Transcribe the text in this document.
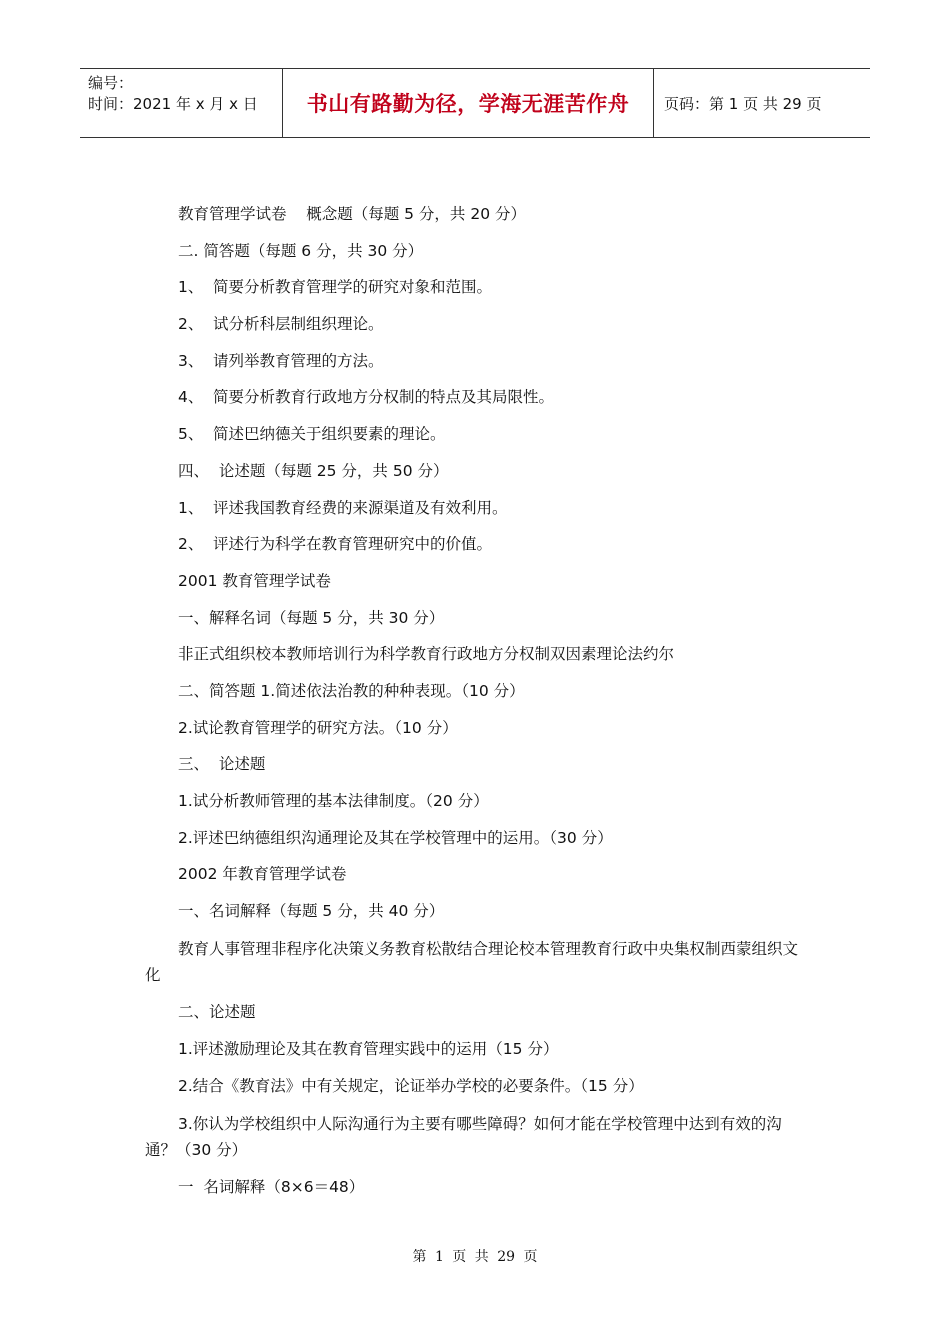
编号：
时间：2021 年 x 月 x 日	书山有路勤为径，学海无涯苦作舟	页码：第 1 页 共 29 页
教育管理学试卷    概念题（每题 5 分，共 20 分）
二. 简答题（每题 6 分，共 30 分）
1、 简要分析教育管理学的研究对象和范围。
2、 试分析科层制组织理论。
3、 请列举教育管理的方法。
4、 简要分析教育行政地方分权制的特点及其局限性。
5、 简述巴纳德关于组织要素的理论。
四、  论述题（每题 25 分，共 50 分）
1、 评述我国教育经费的来源渠道及有效利用。
2、 评述行为科学在教育管理研究中的价值。
2001 教育管理学试卷
一、解释名词（每题 5 分，共 30 分）
非正式组织校本教师培训行为科学教育行政地方分权制双因素理论法约尔
二、简答题 1.简述依法治教的种种表现。（10 分）
2.试论教育管理学的研究方法。（10 分）
三、  论述题
1.试分析教师管理的基本法律制度。（20 分）
2.评述巴纳德组织沟通理论及其在学校管理中的运用。（30 分）
2002 年教育管理学试卷
一、名词解释（每题 5 分，共 40 分）
教育人事管理非程序化决策义务教育松散结合理论校本管理教育行政中央集权制西蒙组织文化
二、论述题
1.评述激励理论及其在教育管理实践中的运用（15 分）
2.结合《教育法》中有关规定，论证举办学校的必要条件。（15 分）
3.你认为学校组织中人际沟通行为主要有哪些障碍？如何才能在学校管理中达到有效的沟通？（30 分）
一  名词解释（8×6＝48）
第 1 页 共 29 页
